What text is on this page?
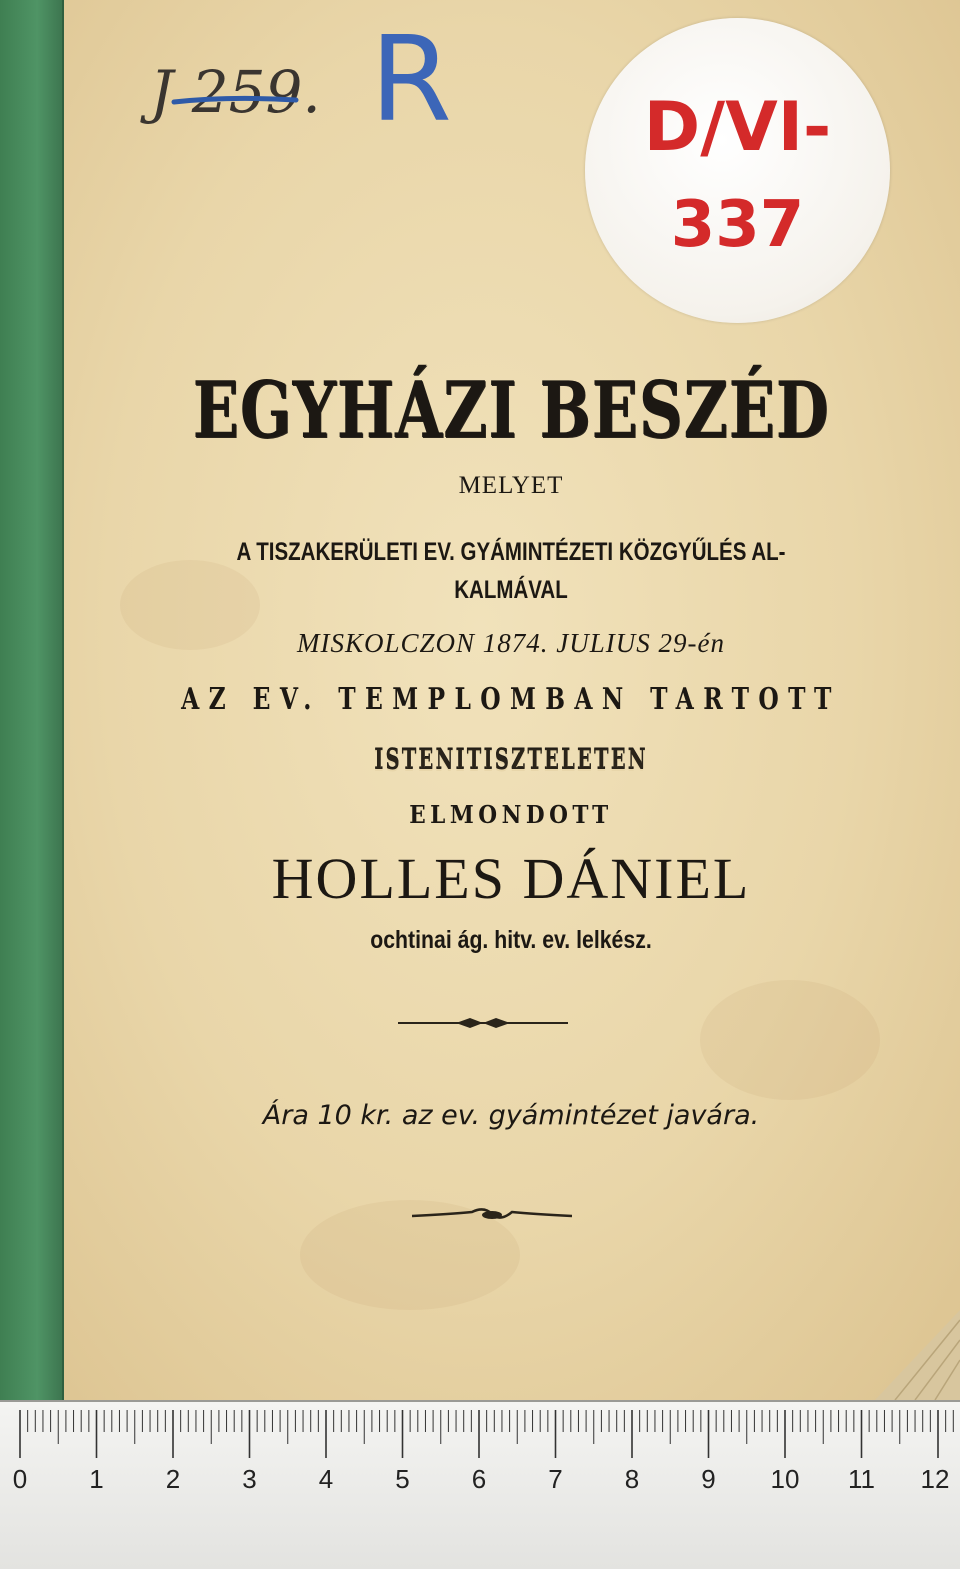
J 259. R	D/VI-
337
EGYHÁZI BESZÉD
MELYET
A TISZAKERÜLETI EV. GYÁMINTÉZETI KÖZGYŰLÉS AL-
KALMÁVAL
MISKOLCZON 1874. JULIUS 29-én
AZ EV. TEMPLOMBAN TARTOTT
ISTENITISZTELETEN
ELMONDOTT
HOLLES DÁNIEL
ochtinai ág. hitv. ev. lelkész.
Ára 10 kr. az ev. gyámintézet javára.
0 1 2 3 4 5 6 7 8 9 10 11 12
